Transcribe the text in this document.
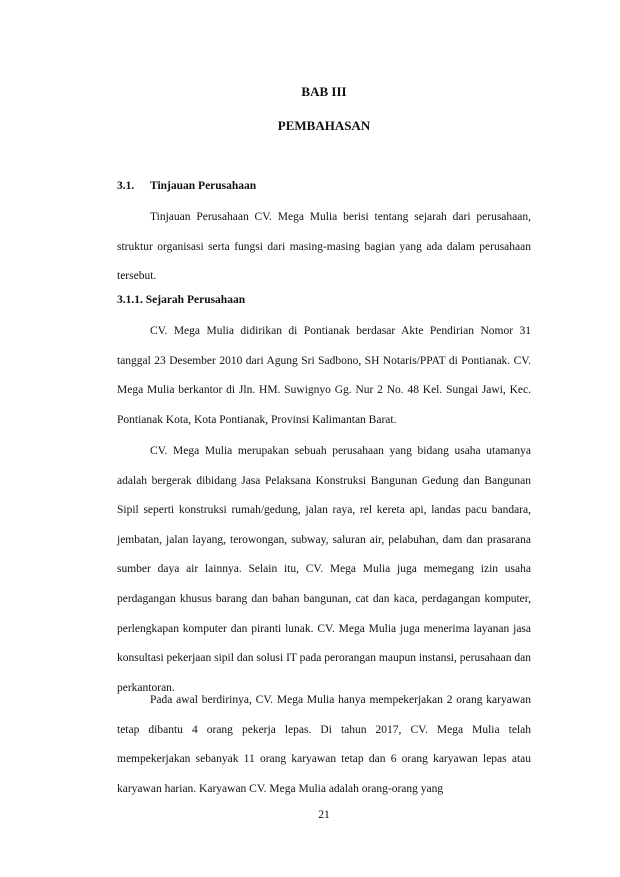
BAB III
PEMBAHASAN
3.1. Tinjauan Perusahaan

Tinjauan Perusahaan CV. Mega Mulia berisi tentang sejarah dari perusahaan, struktur organisasi serta fungsi dari masing-masing bagian yang ada dalam perusahaan tersebut.

3.1.1. Sejarah Perusahaan

CV. Mega Mulia didirikan di Pontianak berdasar Akte Pendirian Nomor 31 tanggal 23 Desember 2010 dari Agung Sri Sadbono, SH Notaris/PPAT di Pontianak. CV. Mega Mulia berkantor di Jln. HM. Suwignyo Gg. Nur 2 No. 48 Kel. Sungai Jawi, Kec. Pontianak Kota, Kota Pontianak, Provinsi Kalimantan Barat.

CV. Mega Mulia merupakan sebuah perusahaan yang bidang usaha utamanya adalah bergerak dibidang Jasa Pelaksana Konstruksi Bangunan Gedung dan Bangunan Sipil seperti konstruksi rumah/gedung, jalan raya, rel kereta api, landas pacu bandara, jembatan, jalan layang, terowongan, subway, saluran air, pelabuhan, dam dan prasarana sumber daya air lainnya. Selain itu, CV. Mega Mulia juga memegang izin usaha perdagangan khusus barang dan bahan bangunan, cat dan kaca, perdagangan komputer, perlengkapan komputer dan piranti lunak. CV. Mega Mulia juga menerima layanan jasa konsultasi pekerjaan sipil dan solusi IT pada perorangan maupun instansi, perusahaan dan perkantoran.

Pada awal berdirinya, CV. Mega Mulia hanya mempekerjakan 2 orang karyawan tetap dibantu 4 orang pekerja lepas. Di tahun 2017, CV. Mega Mulia telah mempekerjakan sebanyak 11 orang karyawan tetap dan 6 orang karyawan lepas atau karyawan harian. Karyawan CV. Mega Mulia adalah orang-orang yang

21
